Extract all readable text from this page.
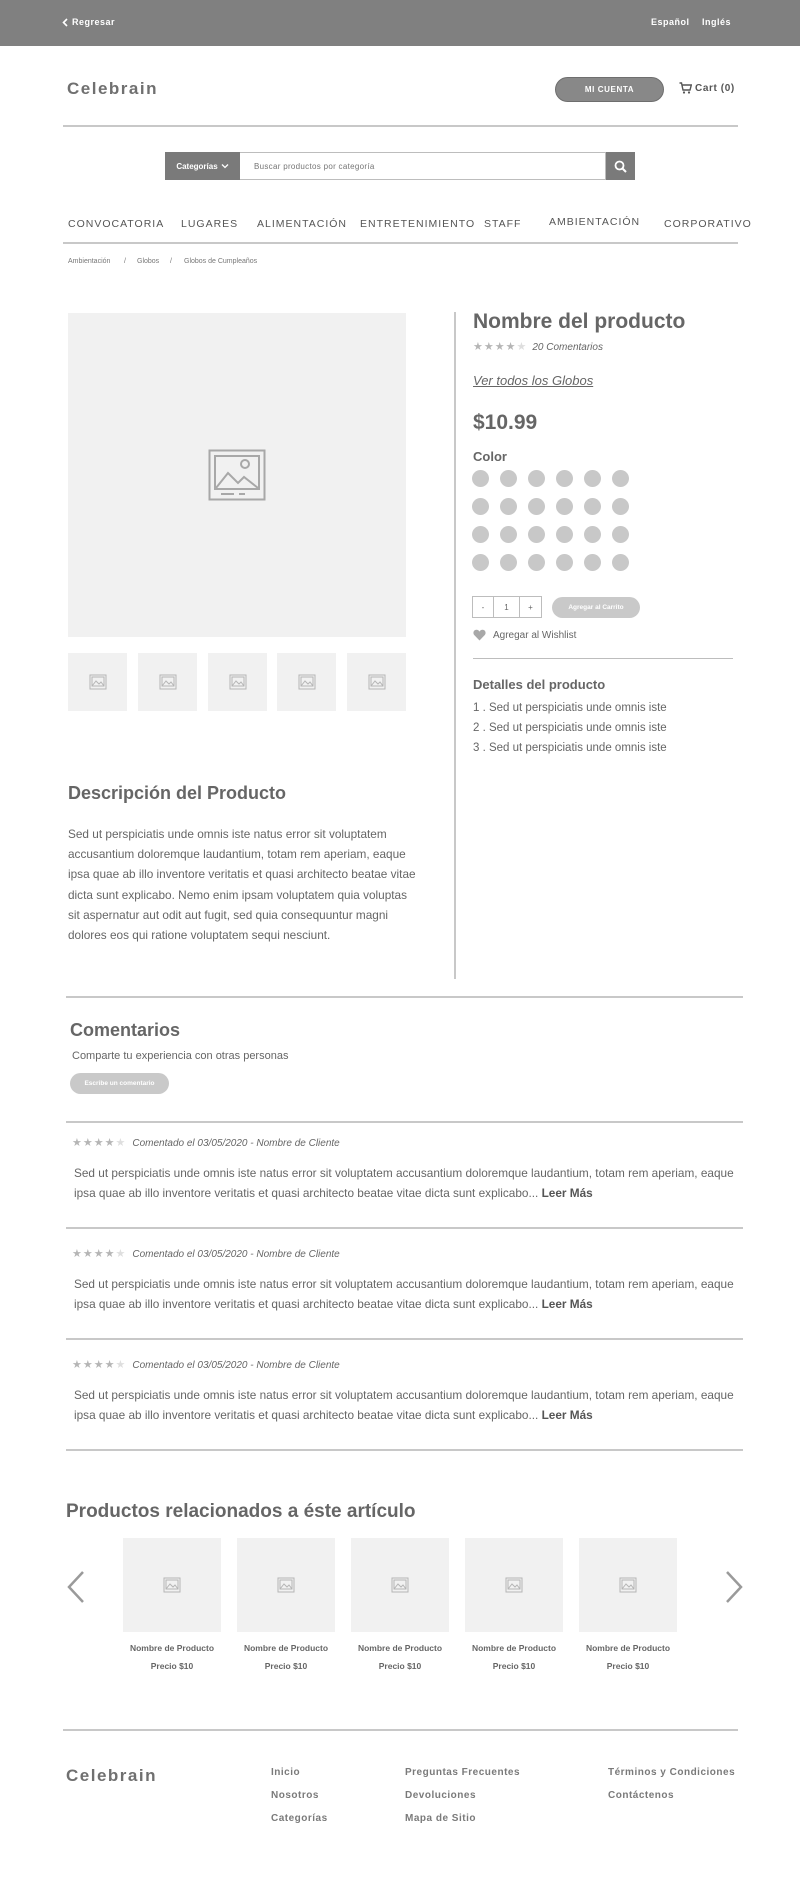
Regresar	Español Inglés
Celebrain	MI CUENTA	Cart (0)
Categorías
Buscar productos por categoría
CONVOCATORIA LUGARES ALIMENTACIÓN ENTRETENIMIENTO STAFF	AMBIENTACIÓN CORPORATIVO
Ambientación / Globos / Globos de Cumpleaños
Nombre del producto
★ ★ ★ ★ ★ 20 Comentarios
Ver todos los Globos
$10.99
Color
-	1	+	Agregar al Carrito
Agregar al Wishlist
Detalles del producto
1 . Sed ut perspiciatis unde omnis iste
2 . Sed ut perspiciatis unde omnis iste
3 . Sed ut perspiciatis unde omnis iste
Descripción del Producto
Sed ut perspiciatis unde omnis iste natus error sit voluptatem accusantium doloremque laudantium, totam rem aperiam, eaque ipsa quae ab illo inventore veritatis et quasi architecto beatae vitae dicta sunt explicabo. Nemo enim ipsam voluptatem quia voluptas sit aspernatur aut odit aut fugit, sed quia consequuntur magni dolores eos qui ratione voluptatem sequi nesciunt.
Comentarios
Comparte tu experiencia con otras personas
Escribe un comentario
★ ★ ★ ★ ★ Comentado el 03/05/2020 - Nombre de Cliente
Sed ut perspiciatis unde omnis iste natus error sit voluptatem accusantium doloremque laudantium, totam rem aperiam, eaque ipsa quae ab illo inventore veritatis et quasi architecto beatae vitae dicta sunt explicabo... Leer Más
★ ★ ★ ★ ★ Comentado el 03/05/2020 - Nombre de Cliente
Sed ut perspiciatis unde omnis iste natus error sit voluptatem accusantium doloremque laudantium, totam rem aperiam, eaque ipsa quae ab illo inventore veritatis et quasi architecto beatae vitae dicta sunt explicabo... Leer Más
★ ★ ★ ★ ★ Comentado el 03/05/2020 - Nombre de Cliente
Sed ut perspiciatis unde omnis iste natus error sit voluptatem accusantium doloremque laudantium, totam rem aperiam, eaque ipsa quae ab illo inventore veritatis et quasi architecto beatae vitae dicta sunt explicabo... Leer Más
Productos relacionados a éste artículo
Nombre de Producto	Nombre de Producto	Nombre de Producto	Nombre de Producto	Nombre de Producto
Precio $10	Precio $10	Precio $10	Precio $10	Precio $10
Celebrain	Inicio
Nosotros
Categorías
Preguntas Frecuentes
Devoluciones
Mapa de Sitio
Términos y Condiciones
Contáctenos
